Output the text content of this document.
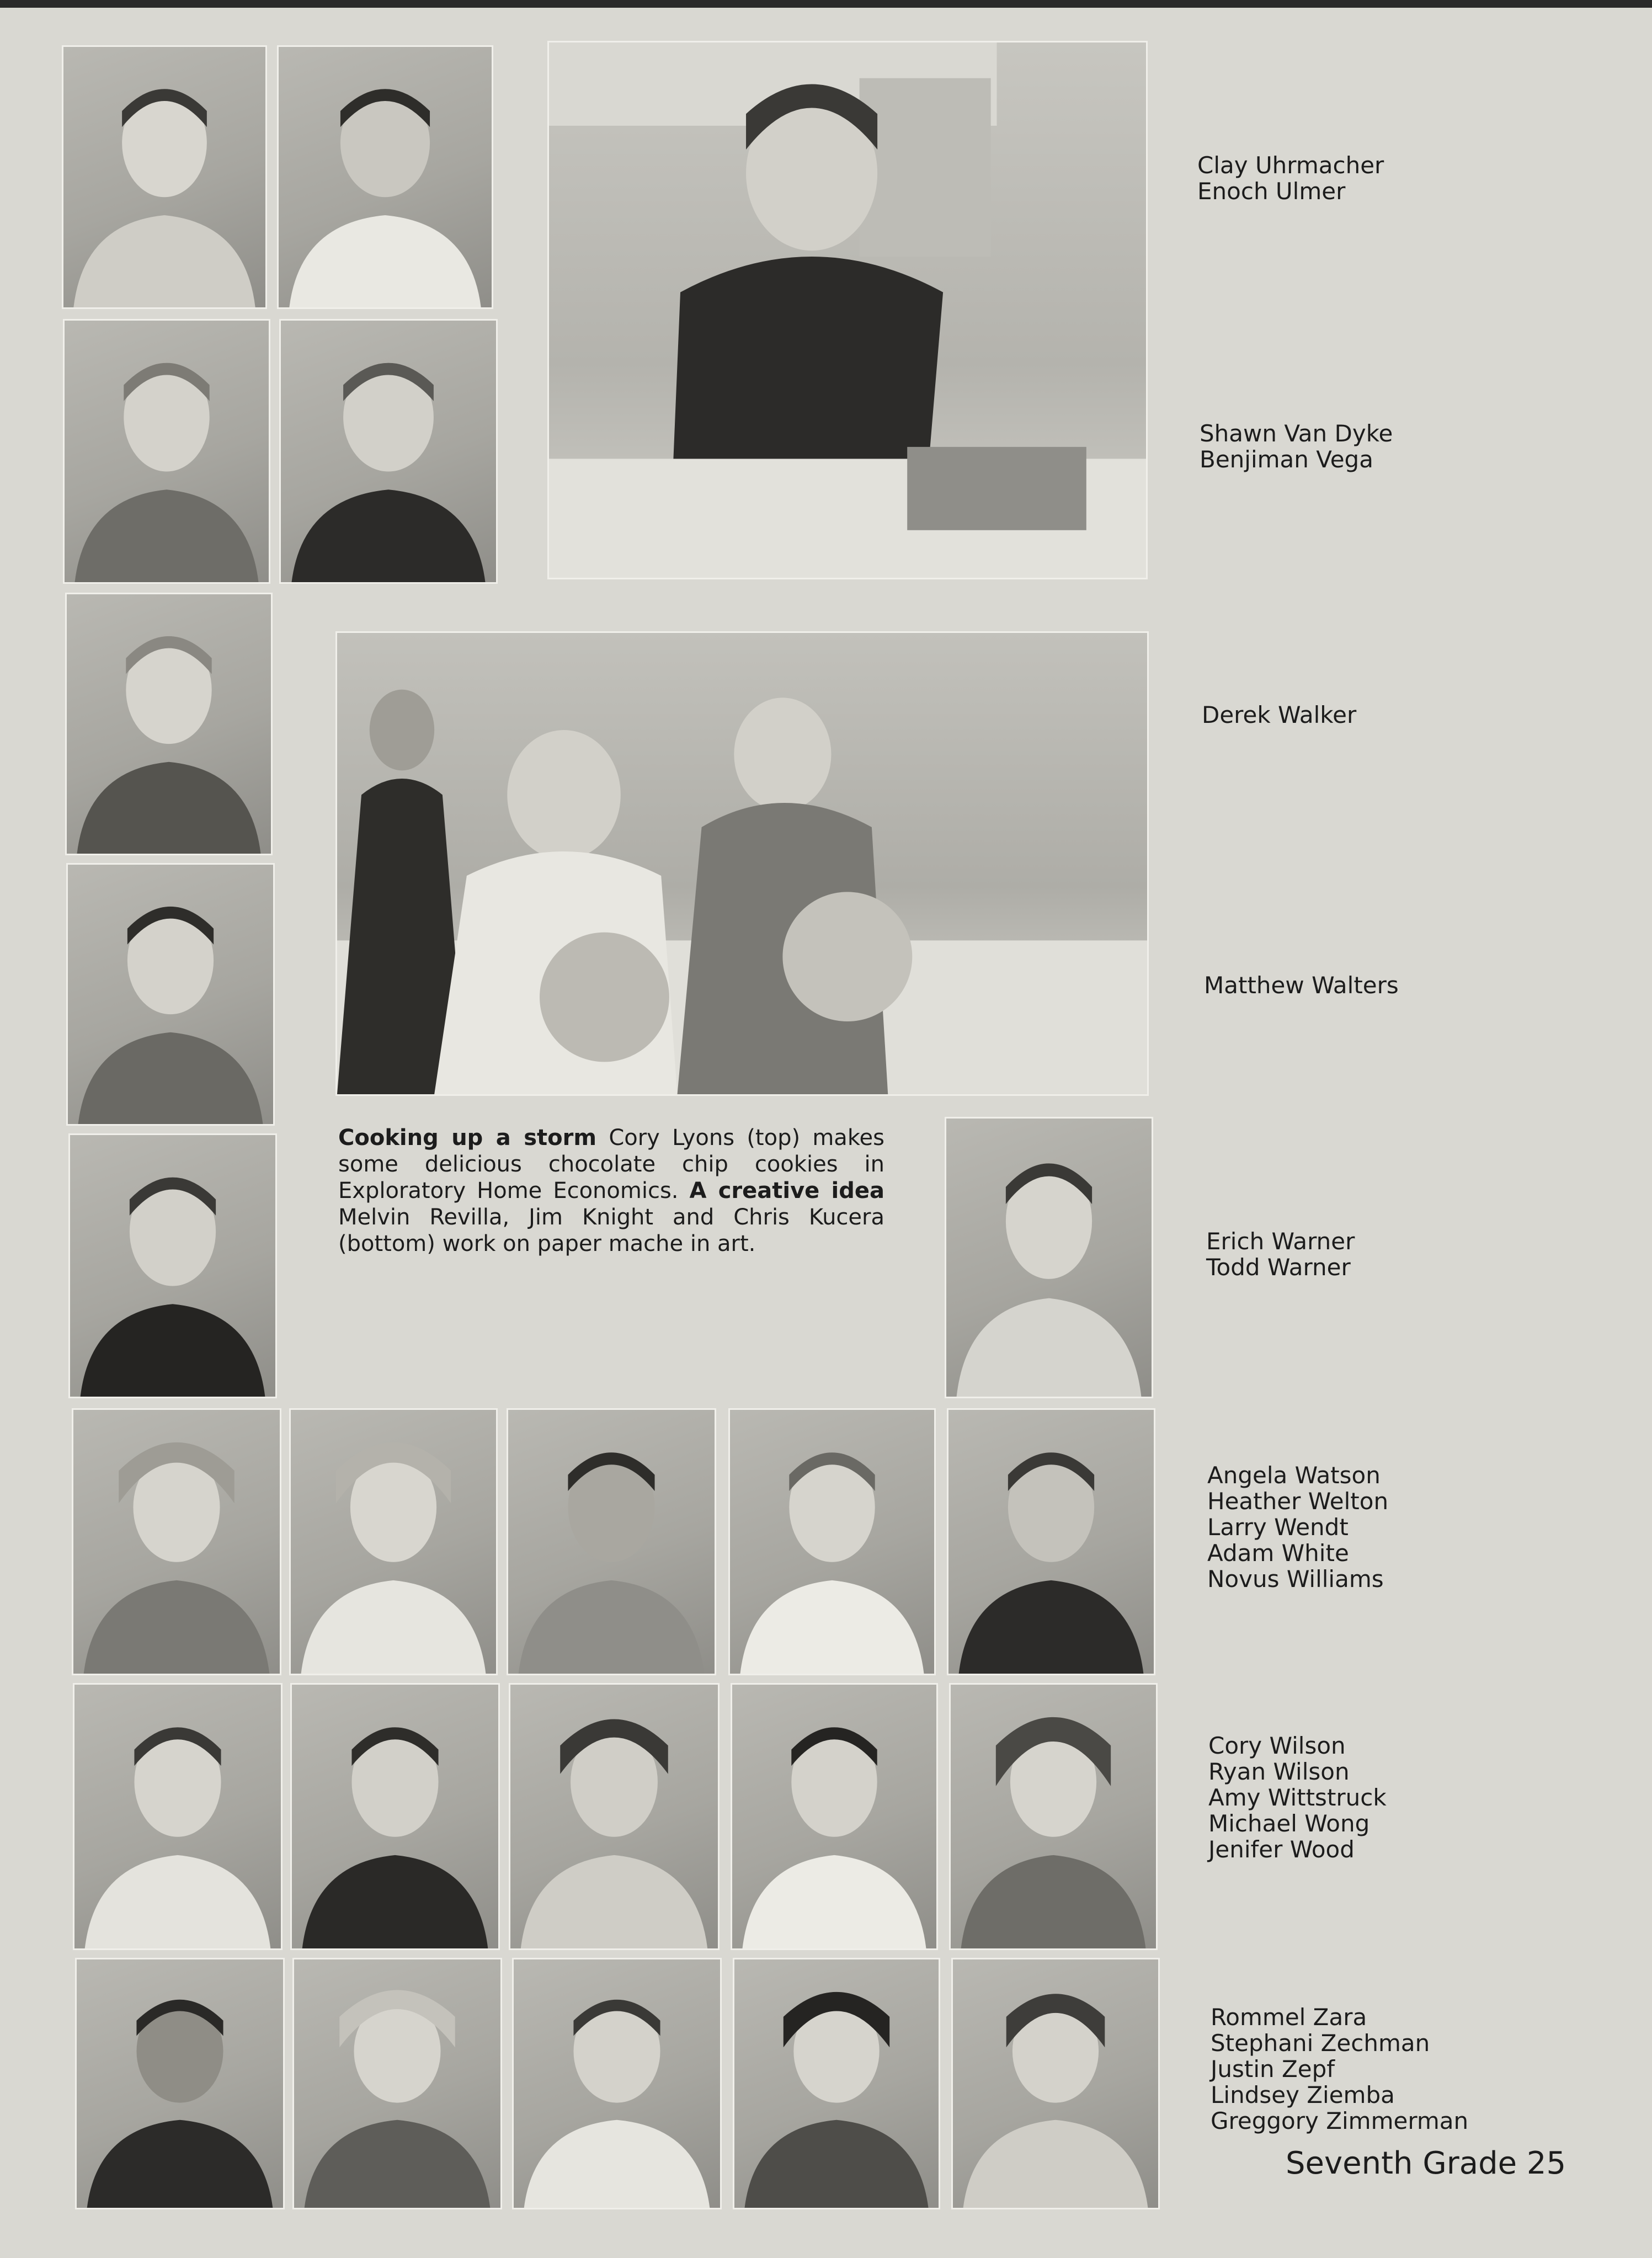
Clay Uhrmacher
Enoch Ulmer
Shawn Van Dyke
Benjiman Vega
Derek Walker
Matthew Walters
Erich Warner
Todd Warner
Angela Watson
Heather Welton
Larry Wendt
Adam White
Novus Williams
Cory Wilson
Ryan Wilson
Amy Wittstruck
Michael Wong
Jenifer Wood
Rommel Zara
Stephani Zechman
Justin Zepf
Lindsey Ziemba
Greggory Zimmerman
Cooking up a storm Cory Lyons (top) makes some delicious chocolate chip cookies in Exploratory Home Economics. A creative idea Melvin Revilla, Jim Knight and Chris Kucera (bottom) work on paper mache in art.
Seventh Grade 25
